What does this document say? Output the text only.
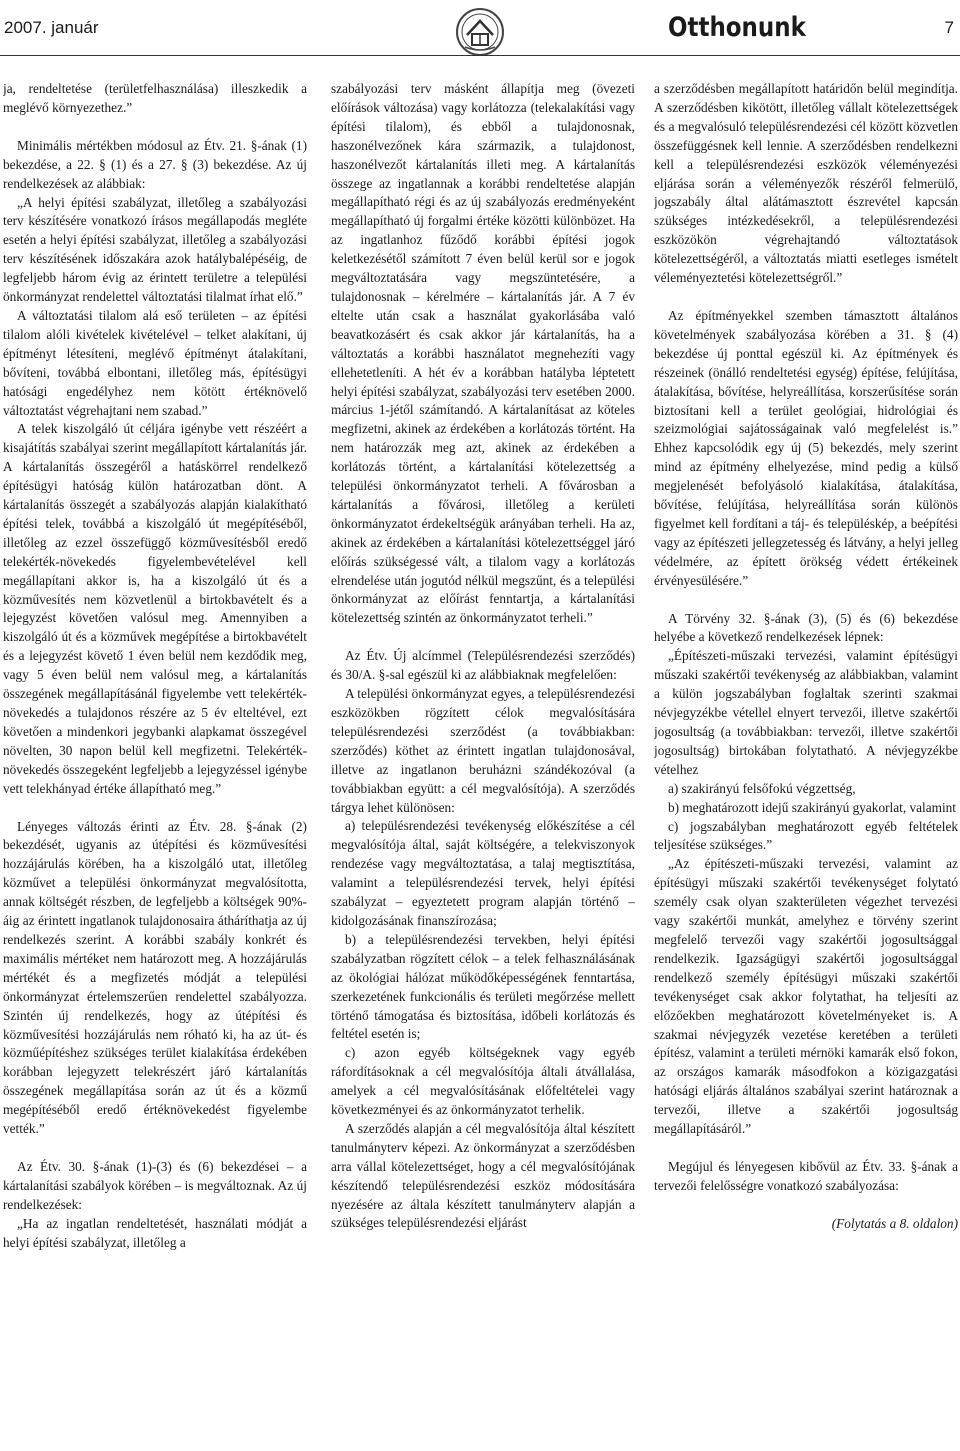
2007. január	Otthonunk	7

ja, rendeltetése (területfelhasználása) illeszkedik a meglévő környezethez.”

Minimális mértékben módosul az Étv. 21. §-ának (1) bekezdése, a 22. § (1) és a 27. § (3) bekezdése. Az új rendelkezések az alábbiak:

„A helyi építési szabályzat, illetőleg a szabályozási terv készítésére vonatkozó írásos megállapodás megléte esetén a helyi építési szabályzat, illetőleg a szabályozási terv készítésének időszakára azok hatálybalépéséig, de legfeljebb három évig az érintett területre a települési önkormányzat rendelettel változtatási tilalmat írhat elő.”

A változtatási tilalom alá eső területen – az építési tilalom alóli kivételek kivételével – telket alakítani, új építményt létesíteni, meglévő építményt átalakítani, bővíteni, továbbá elbontani, illetőleg más, építésügyi hatósági engedélyhez nem kötött értéknövelő változtatást végrehajtani nem szabad.”

A telek kiszolgáló út céljára igénybe vett részéért a kisajátítás szabályai szerint megállapított kártalanítás jár. A kártalanítás összegéről a hatáskörrel rendelkező építésügyi hatóság külön határozatban dönt. A kártalanítás összegét a szabályozás alapján kialakítható építési telek, továbbá a kiszolgáló út megépítéséből, illetőleg az ezzel összefüggő közművesítésből eredő telekérték-növekedés figyelembevételével kell megállapítani akkor is, ha a kiszolgáló út és a közművesítés nem közvetlenül a birtokbavételt és a lejegyzést követően valósul meg. Amennyiben a kiszolgáló út és a közművek megépítése a birtokbavételt és a lejegyzést követő 1 éven belül nem kezdődik meg, vagy 5 éven belül nem valósul meg, a kártalanítás összegének megállapításánál figyelembe vett telekérték-növekedés a tulajdonos részére az 5 év elteltével, ezt követően a mindenkori jegybanki alapkamat összegével növelten, 30 napon belül kell megfizetni. Telekérték-növekedés összegeként legfeljebb a lejegyzéssel igénybe vett telekhányad értéke állapítható meg.”

Lényeges változás érinti az Étv. 28. §-ának (2) bekezdését, ugyanis az útépítési és közművesítési hozzájárulás körében, ha a kiszolgáló utat, illetőleg közművet a települési önkormányzat megvalósította, annak költségét részben, de legfeljebb a költségek 90%-áig az érintett ingatlanok tulajdonosaira átháríthatja az új rendelkezés szerint. A korábbi szabály konkrét és maximális mértéket nem határozott meg. A hozzájárulás mértékét és a megfizetés módját a települési önkormányzat értelemszerűen rendelettel szabályozza. Szintén új rendelkezés, hogy az útépítési és közművesítési hozzájárulás nem róható ki, ha az út- és közműépítéshez szükséges terület kialakítása érdekében korábban lejegyzett telekrészért járó kártalanítás összegének megállapítása során az út és a közmű megépítéséből eredő értéknövekedést figyelembe vették.”

Az Étv. 30. §-ának (1)-(3) és (6) bekezdései – a kártalanítási szabályok körében – is megváltoznak. Az új rendelkezések:

„Ha az ingatlan rendeltetését, használati módját a helyi építési szabályzat, illetőleg a

szabályozási terv másként állapítja meg (övezeti előírások változása) vagy korlátozza (telekalakítási vagy építési tilalom), és ebből a tulajdonosnak, haszonélvezőnek kára származik, a tulajdonost, haszonélvezőt kártalanítás illeti meg. A kártalanítás összege az ingatlannak a korábbi rendeltetése alapján megállapítható régi és az új szabályozás eredményeként megállapítható új forgalmi értéke közötti különbözet. Ha az ingatlanhoz fűződő korábbi építési jogok keletkezésétől számított 7 éven belül kerül sor e jogok megváltoztatására vagy megszüntetésére, a tulajdonosnak – kérelmére – kártalanítás jár. A 7 év eltelte után csak a használat gyakorlásába való beavatkozásért és csak akkor jár kártalanítás, ha a változtatás a korábbi használatot megnehezíti vagy ellehetetleníti. A hét év a korábban hatályba léptetett helyi építési szabályzat, szabályozási terv esetében 2000. március 1-jétől számítandó. A kártalanításat az köteles megfizetni, akinek az érdekében a korlátozás történt. Ha nem határozzák meg azt, akinek az érdekében a korlátozás történt, a kártalanítási kötelezettség a települési önkormányzatot terheli. A fővárosban a kártalanítás a fővárosi, illetőleg a kerületi önkormányzatot érdekeltségük arányában terheli. Ha az, akinek az érdekében a kártalanítási kötelezettséggel járó előírás szükségessé vált, a tilalom vagy a korlátozás elrendelése után jogutód nélkül megszűnt, és a települési önkormányzat az előírást fenntartja, a kártalanítási kötelezettség szintén az önkormányzatot terheli.”

Az Étv. Új alcímmel (Településrendezési szerződés) és 30/A. §-sal egészül ki az alábbiaknak megfelelően:

A települési önkormányzat egyes, a településrendezési eszközökben rögzített célok megvalósítására településrendezési szerződést (a továbbiakban: szerződés) köthet az érintett ingatlan tulajdonosával, illetve az ingatlanon beruházni szándékozóval (a továbbiakban együtt: a cél megvalósítója). A szerződés tárgya lehet különösen:

a) településrendezési tevékenység előkészítése a cél megvalósítója által, saját költségére, a telekviszonyok rendezése vagy megváltoztatása, a talaj megtisztítása, valamint a településrendezési tervek, helyi építési szabályzat – egyeztetett program alapján történő – kidolgozásának finanszírozása;

b) a településrendezési tervekben, helyi építési szabályzatban rögzített célok – a telek felhasználásának az ökológiai hálózat működőképességének fenntartása, szerkezetének funkcionális és területi megőrzése mellett történő támogatása és biztosítása, időbeli korlátozás és feltétel esetén is;

c) azon egyéb költségeknek vagy egyéb ráfordításoknak a cél megvalósítója általi átvállalása, amelyek a cél megvalósításának előfeltételei vagy következményei és az önkormányzatot terhelik.

A szerződés alapján a cél megvalósítója által készített tanulmányterv képezi. Az önkormányzat a szerződésben arra vállal kötelezettséget, hogy a cél megvalósítójának készítendő településrendezési eszköz módosítására nyezésére az általa készített tanulmányterv alapján a szükséges településrendezési eljárást

a szerződésben megállapított határidőn belül megindítja. A szerződésben kikötött, illetőleg vállalt kötelezettségek és a megvalósuló településrendezési cél között közvetlen összefüggésnek kell lennie. A szerződésben rendelkezni kell a településrendezési eszközök véleményezési eljárása során a véleményezők részéről felmerülő, jogszabály által alátámasztott észrevétel kapcsán szükséges intézkedésekről, a településrendezési eszközökön végrehajtandó változtatások kötelezettségéről, a változtatás miatti esetleges ismételt véleményeztetési kötelezettségről.”

Az építményekkel szemben támasztott általános követelmények szabályozása körében a 31. § (4) bekezdése új ponttal egészül ki. Az építmények és részeinek (önálló rendeltetési egység) építése, felújítása, átalakítása, bővítése, helyreállítása, korszerűsítése során biztosítani kell a terület geológiai, hidrológiai és szeizmológiai sajátosságainak való megfelelést is.” Ehhez kapcsolódik egy új (5) bekezdés, mely szerint mind az építmény elhelyezése, mind pedig a külső megjelenését befolyásoló kialakítása, átalakítása, bővítése, felújítása, helyreállítása során különös figyelmet kell fordítani a táj- és településkép, a beépítési vagy az építészeti jellegzetesség és látvány, a helyi jelleg védelmére, az épített örökség védett értékeinek érvényesülésére.”

A Törvény 32. §-ának (3), (5) és (6) bekezdése helyébe a következő rendelkezések lépnek:

„Építészeti-műszaki tervezési, valamint építésügyi műszaki szakértői tevékenység az alábbiakban, valamint a külön jogszabályban foglaltak szerinti szakmai névjegyzékbe vétellel elnyert tervezői, illetve szakértői jogosultság (a továbbiakban: tervezői, illetve szakértői jogosultság) birtokában folytatható. A névjegyzékbe vételhez

a) szakirányú felsőfokú végzettség,

b) meghatározott idejű szakirányú gyakorlat, valamint

c) jogszabályban meghatározott egyéb feltételek teljesítése szükséges.”

„Az építészeti-műszaki tervezési, valamint az építésügyi műszaki szakértői tevékenységet folytató személy csak olyan szakterületen végezhet tervezési vagy szakértői munkát, amelyhez e törvény szerint megfelelő tervezői vagy szakértői jogosultsággal rendelkezik. Igazságügyi szakértői jogosultsággal rendelkező személy építésügyi műszaki szakértői tevékenységet csak akkor folytathat, ha teljesíti az előzőekben meghatározott követelményeket is. A szakmai névjegyzék vezetése keretében a területi építész, valamint a területi mérnöki kamarák első fokon, az országos kamarák másodfokon a közigazgatási hatósági eljárás általános szabályai szerint határoznak a tervezői, illetve a szakértői jogosultság megállapításáról.”

Megújul és lényegesen kibővül az Étv. 33. §-ának a tervezői felelősségre vonatkozó szabályozása:

(Folytatás a 8. oldalon)
